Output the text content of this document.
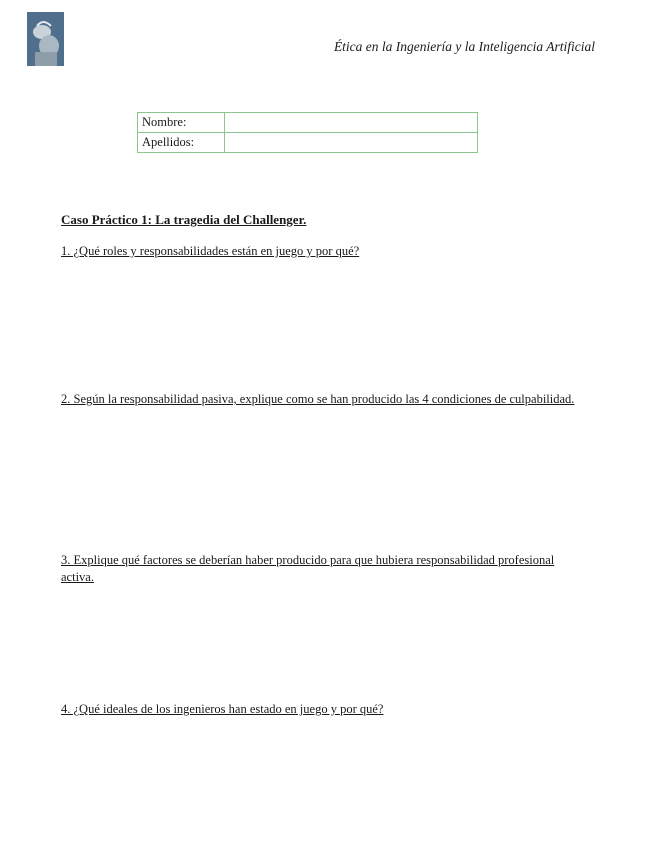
Ética en la Ingeniería y la Inteligencia Artificial
Nombre:	
Apellidos:	
Caso Práctico 1: La tragedia del Challenger.
1. ¿Qué roles y responsabilidades están en juego y por qué?
2. Según la responsabilidad pasiva, explique como se han producido las 4 condiciones de culpabilidad.
3. Explique qué factores se deberían haber producido para que hubiera responsabilidad profesional activa.
4. ¿Qué ideales de los ingenieros han estado en juego y por qué?
